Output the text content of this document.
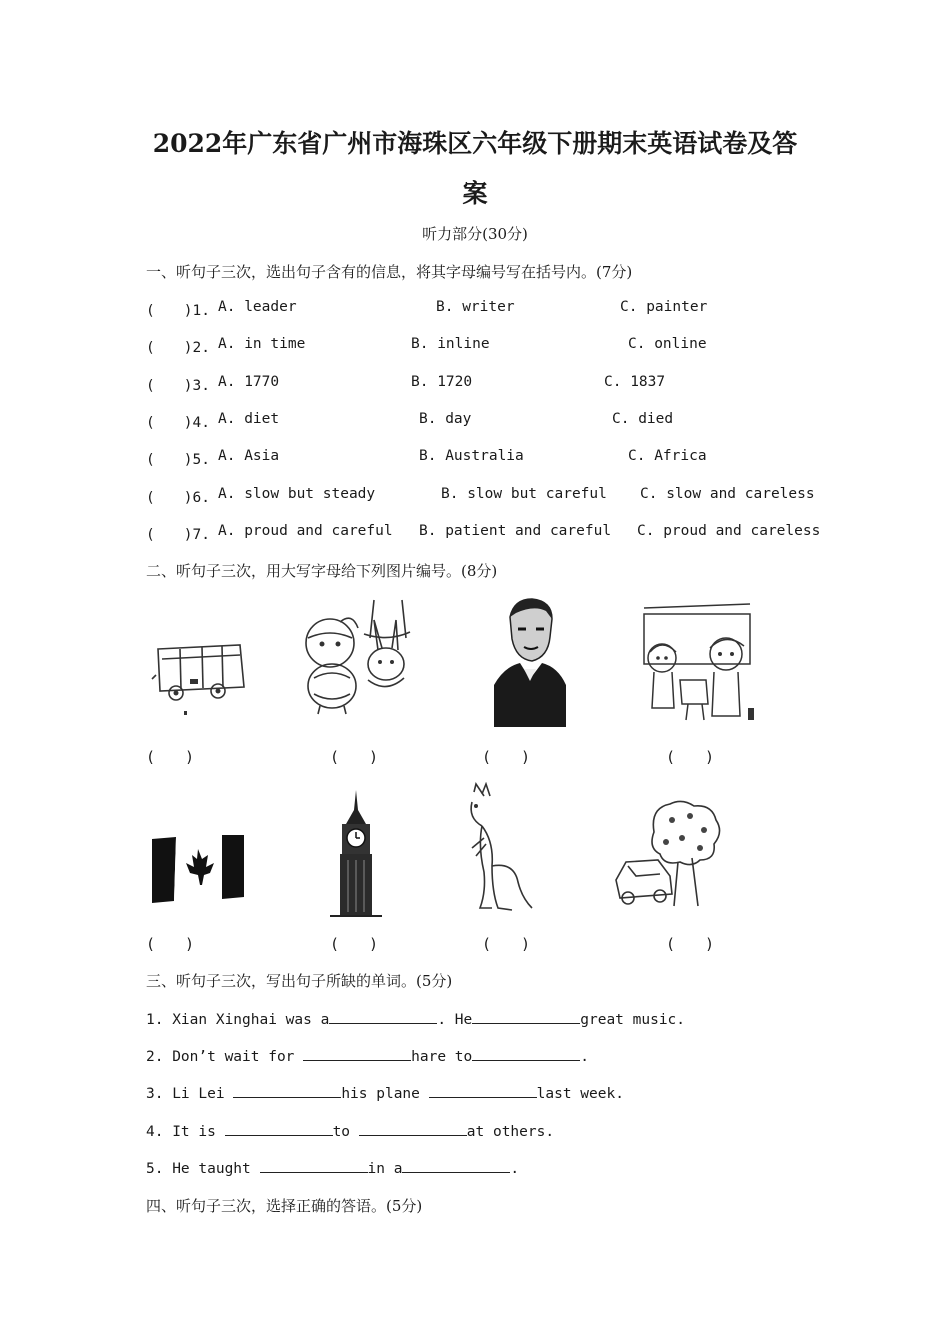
2022年广东省广州市海珠区六年级下册期末英语试卷及答
案
听力部分(30分)
一、听句子三次，选出句子含有的信息，将其字母编号写在括号内。(7分)
(　　)1. A. leader	B. writer	C. painter
(　　)2. A. in time	B. inline	C. online
(　　)3. A. 1770	B. 1720	C. 1837
(　　)4. A. diet	B. day	C. died
(　　)5. A. Asia	B. Australia	C. Africa
(　　)6. A. slow but steady	B. slow but careful C. slow and careless
(　　)7. A. proud and careful B. patient and careful C. proud and careless
二、听句子三次，用大写字母给下列图片编号。(8分)
(　　)	(　　)	(　　)	(　　)
(　　)	(　　)	(　　)	(　　)
三、听句子三次，写出句子所缺的单词。(5分)
1. Xian Xinghai was a	. He	great music.
2. Don’t wait for	hare to	.
3. Li Lei	his plane	last week.
4. It is	to	at others.
5. He taught	in a	.
四、听句子三次，选择正确的答语。(5分)
